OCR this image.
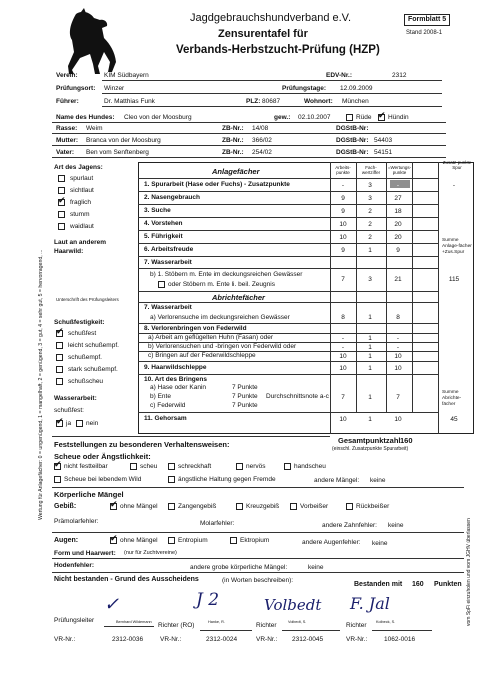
Jagdgebrauchshundverband e.V.
Zensurentafel für
Verbands-Herbstzucht-Prüfung (HZP)
Formblatt 5
Stand 2008-1
Verein:	KIM Südbayern	EDV-Nr.:	2312
Prüfungsort: Winzer	Prüfungstage: 12.09.2009
Führer:	Dr. Matthias Funk	PLZ: 80687	Wohnort: München
Name des Hundes: Cleo von der Moosburg	gew.: 02.10.2007	Rüde ✔	Hündin
Rasse: Weim	ZB-Nr.: 14/08	DGStB-Nr:
Mutter: Branca von der Moosburg	ZB-Nr.: 366/02	DGStB-Nr: 54403
Vater: Ben vom Senftenberg	ZB-Nr.: 254/02	DGStB-Nr: 54151
Wertung für Anlagefächer: 0 = ungenügend, 1 = mangelhaft, 2 = genügend, 3 = gut, 4 = sehr gut, 5 = hervorragend, ...
Art des Jagens:
spurlaut
sichtlaut
✔
fraglich
stumm
waidlaut
Laut an anderem Haarwild:
Unterschrift des Prüfungsleiters
Schußfestigkeit:
✔
schußfest
leicht schußempf.
schußempf.
stark schußempf.
schußscheu
Wasserarbeit:
schußfest:
✔
ja nein
Anlagefächer	Arbeits-punkte
Fach-wertziffer
=Wertungs-punkte
Zusatz-punkte Spur
1. Spurarbeit (Hase oder Fuchs) - Zusatzpunkte	-	3	-	-
2. Nasengebrauch	9	3	27
3. Suche	9	2	18
4. Vorstehen	10	2	20
5. Führigkeit	10	2	20
6. Arbeitsfreude	9	1	9
7. Wasserarbeit
b) 1. Stöbern m. Ente im deckungsreichen Gewässer
oder Stöbern m. Ente li. beil. Zeugnis
7	3	21
Summe Anlage-fächer +Zus.Spur
115
Abrichtefächer
7. Wasserarbeit
a) Verlorensuche im deckungsreichen Gewässer	8	1	8
8. Verlorenbringen von Federwild
a) Arbeit am geflügelten Huhn (Fasan) oder	-	1	-
b) Verlorensuchen und -bringen von Federwild oder	-	1	-
c) Bringen auf der Federwildschleppe	10	1	10
9. Haarwildschleppe	10	1	10
10. Art des Bringens
a) Hase oder Kanin	7 Punkte
b) Ente	7 Punkte Durchschnittsnote a-c
c) Federwild	7 Punkte
7	1	7
11. Gehorsam	10	1	10
Summe Abrichte-fächer
45
Gesamtpunktzahl 160
(einschl. Zusatzpunkte Spurarbeit)
Feststellungen zu besonderen Verhaltensweisen:
Scheue oder Ängstlichkeit:
✔
nicht festteilbar	scheu	schreckhaft	nervös	handscheu
Scheue bei lebendem Wild	ängstliche Haltung gegen Fremde	andere Mängel: keine
Körperliche Mängel
Gebiß: ✔	ohne Mängel	Zangengebiß	Kreuzgebiß	Vorbeißer	Rückbeißer
Prämolarfehler:	Molarfehler:	andere Zahnfehler: keine
Augen: ✔	ohne Mängel	Entropium	Ektropium	andere Augenfehler: keine
Form und Haarwert: (nur für Zuchtvereine)
Hodenfehler:	andere grobe körperliche Mängel:	keine
Nicht bestanden - Grund des Ausscheidens	(in Worten beschreiben):
Bestanden mit 160 Punkten
✓	J 2	Volbedt F. Jal
Bernhard Wildemann	Hanke, R.	Volbedt, S.	Kolbeck, S.
Prüfungsleiter
Richter (RO)	Richter	Richter
VR-Nr.:	2312-0036	VR-Nr.:	2312-0024	VR-Nr.: 2312-0045	VR-Nr.:	1062-0016
vom SpFi einzuholen und vom JGHV überlassen
